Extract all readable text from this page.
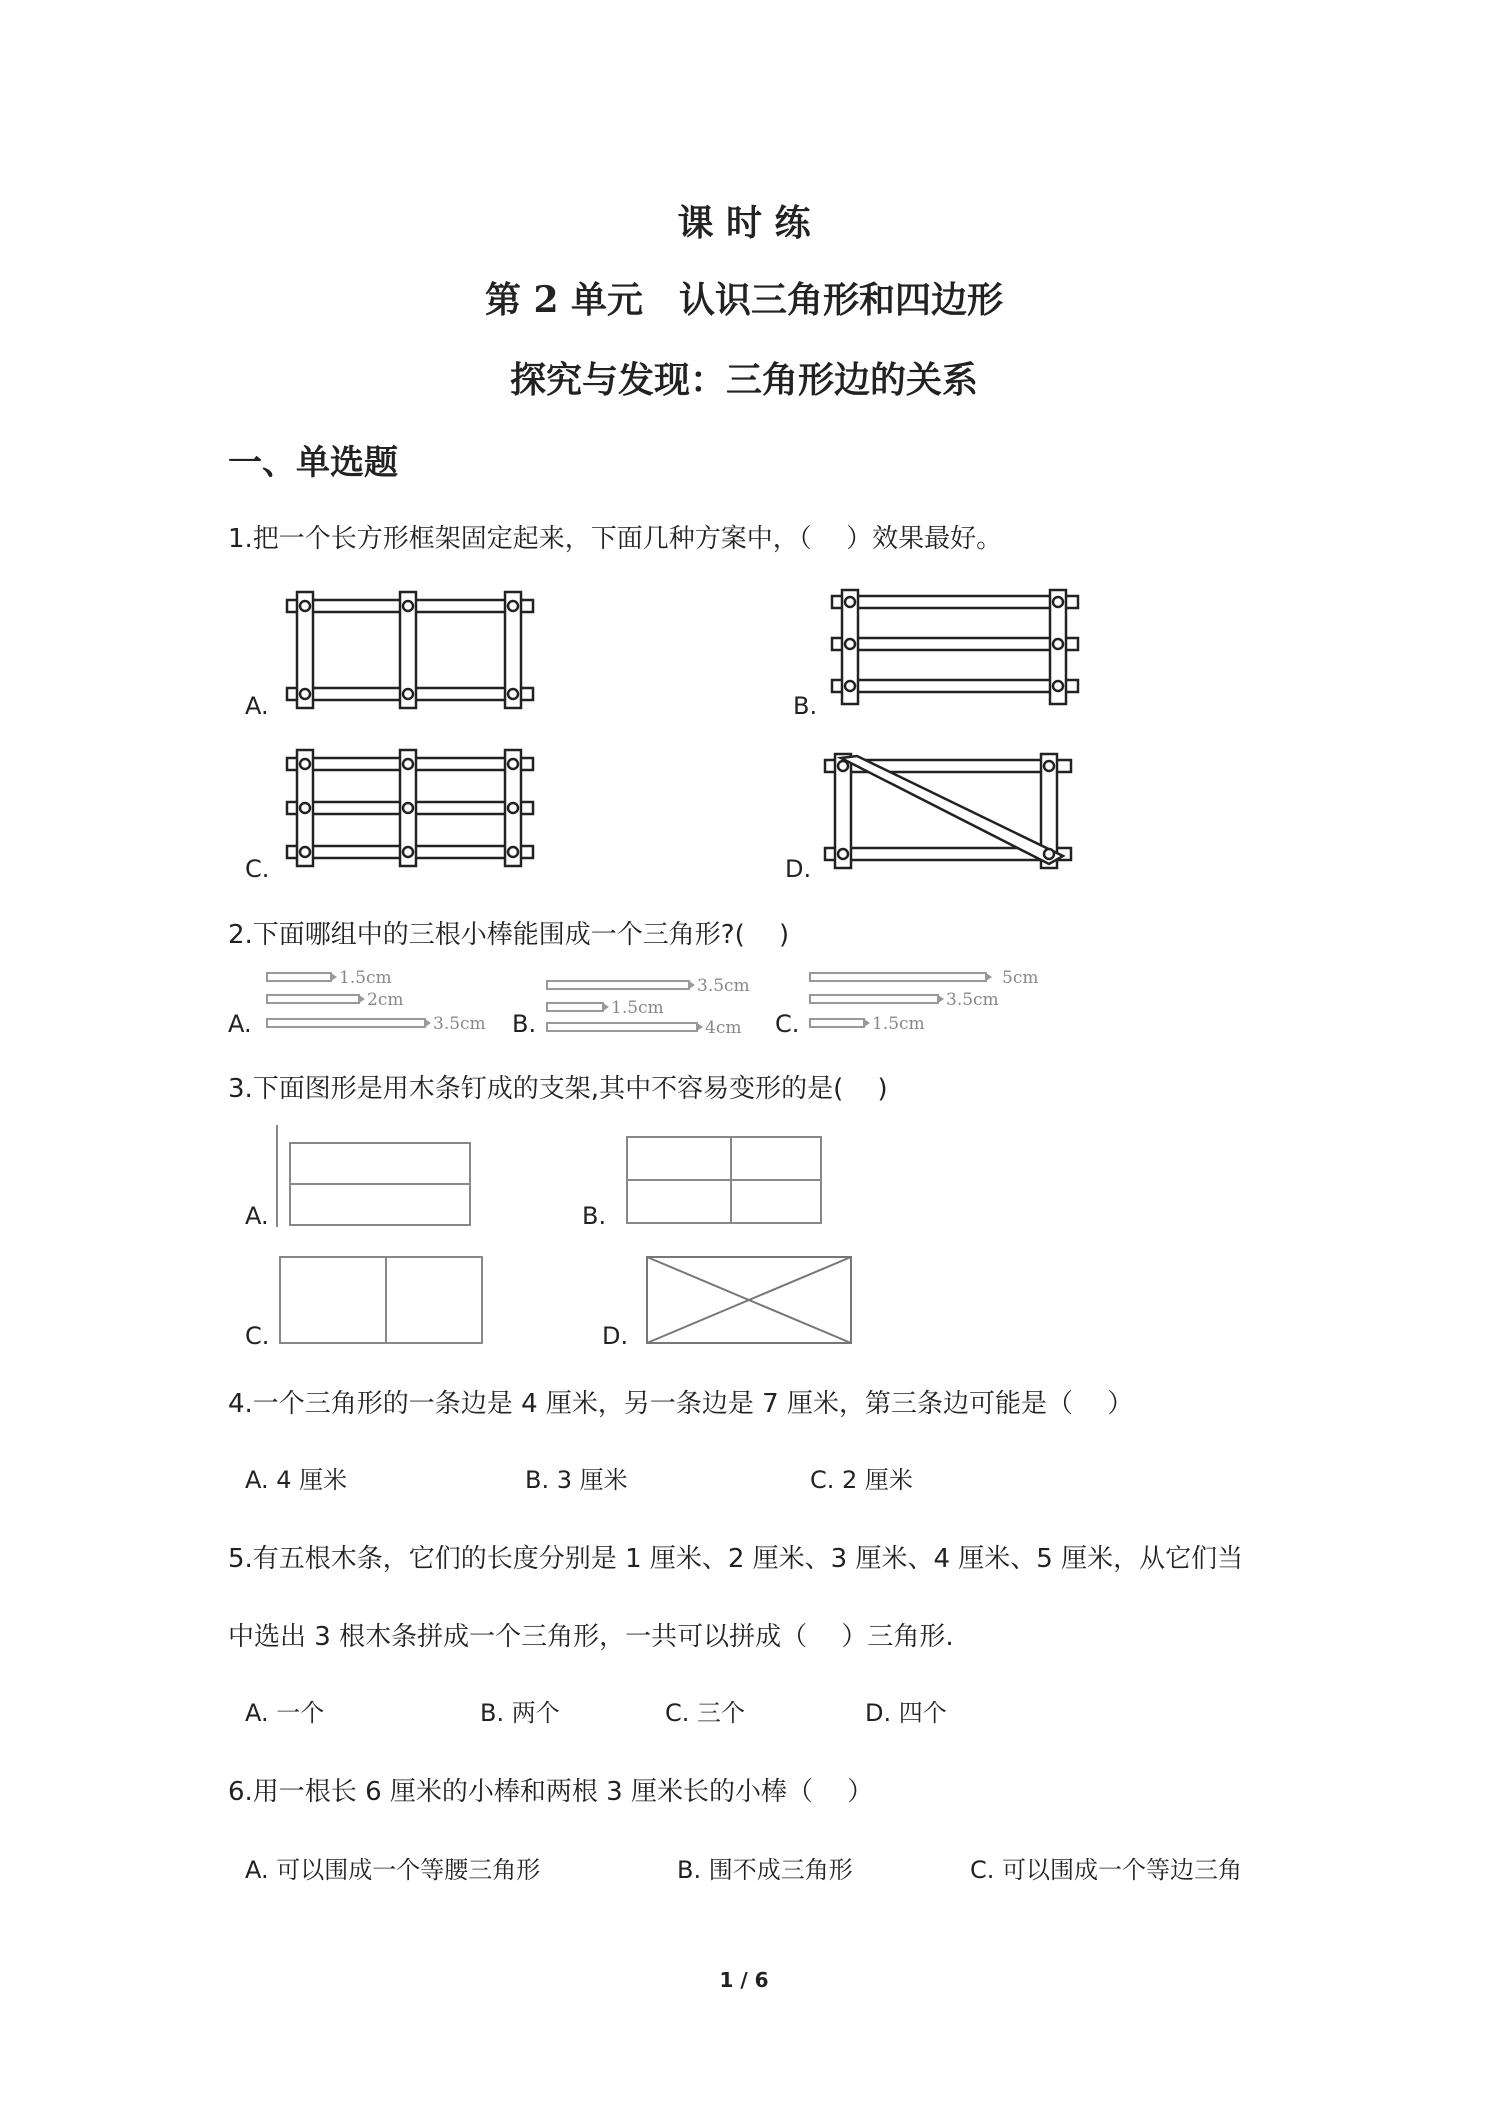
课 时 练
第 2 单元　认识三角形和四边形
探究与发现：三角形边的关系
一、单选题
1.把一个长方形框架固定起来，下面几种方案中，（　 ）效果最好。
A.	B.
C.	D.
2.下面哪组中的三根小棒能围成一个三角形?(　 )
A.
1.5cm
2cm
3.5cm B.
3.5cm
1.5cm
4cm C.
5cm
3.5cm
1.5cm
3.下面图形是用木条钉成的支架,其中不容易变形的是(　 )
A.	B.
C.	D.
4.一个三角形的一条边是 4 厘米，另一条边是 7 厘米，第三条边可能是（　 ）
A. 4 厘米	B. 3 厘米	C. 2 厘米
5.有五根木条，它们的长度分别是 1 厘米、2 厘米、3 厘米、4 厘米、5 厘米，从它们当
中选出 3 根木条拼成一个三角形，一共可以拼成（　 ）三角形.
A. 一个	B. 两个	C. 三个	D. 四个
6.用一根长 6 厘米的小棒和两根 3 厘米长的小棒（　 ）
A. 可以围成一个等腰三角形	B. 围不成三角形	C. 可以围成一个等边三角
1 / 6
